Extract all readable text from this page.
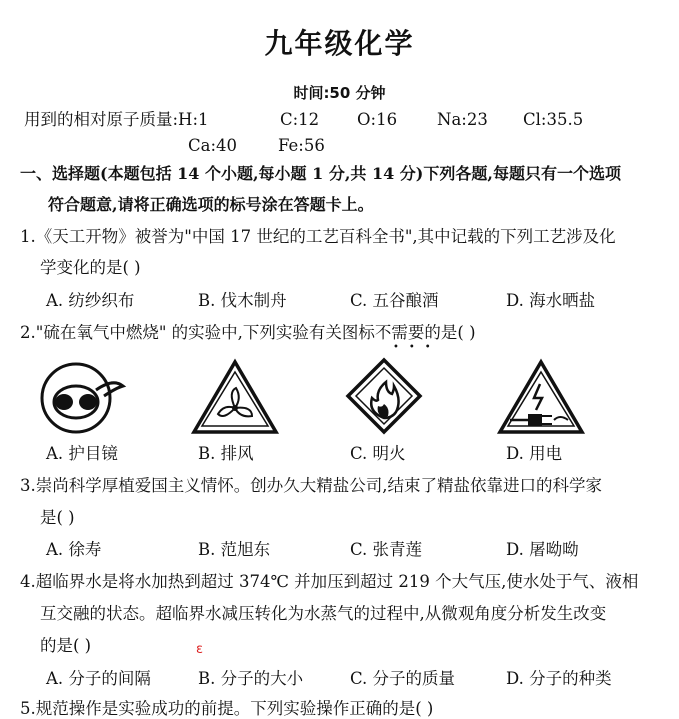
九年级化学
时间:50 分钟
用到的相对原子质量:H:1	C:12 O:16 Na:23 Cl:35.5
Ca:40 Fe:56
一、选择题(本题包括 14 个小题,每小题 1 分,共 14 分)下列各题,每题只有一个选项
符合题意,请将正确选项的标号涂在答题卡上。
1.《天工开物》被誉为"中国 17 世纪的工艺百科全书",其中记载的下列工艺涉及化
学变化的是( )
A. 纺纱织布	B. 伐木制舟	C. 五谷酿酒	D. 海水晒盐
2."硫在氧气中燃烧" 的实验中,下列实验有关图标不需要的是( )
•••
A. 护目镜	B. 排风	C. 明火	D. 用电
3.崇尚科学厚植爱国主义情怀。创办久大精盐公司,结束了精盐依靠进口的科学家
是( )
A. 徐寿	B. 范旭东	C. 张青莲	D. 屠呦呦
4.超临界水是将水加热到超过 374℃ 并加压到超过 219 个大气压,使水处于气、液相
互交融的状态。超临界水减压转化为水蒸气的过程中,从微观角度分析发生改变
的是( )	ε
A. 分子的间隔	B. 分子的大小	C. 分子的质量	D. 分子的种类
5.规范操作是实验成功的前提。下列实验操作正确的是( )
